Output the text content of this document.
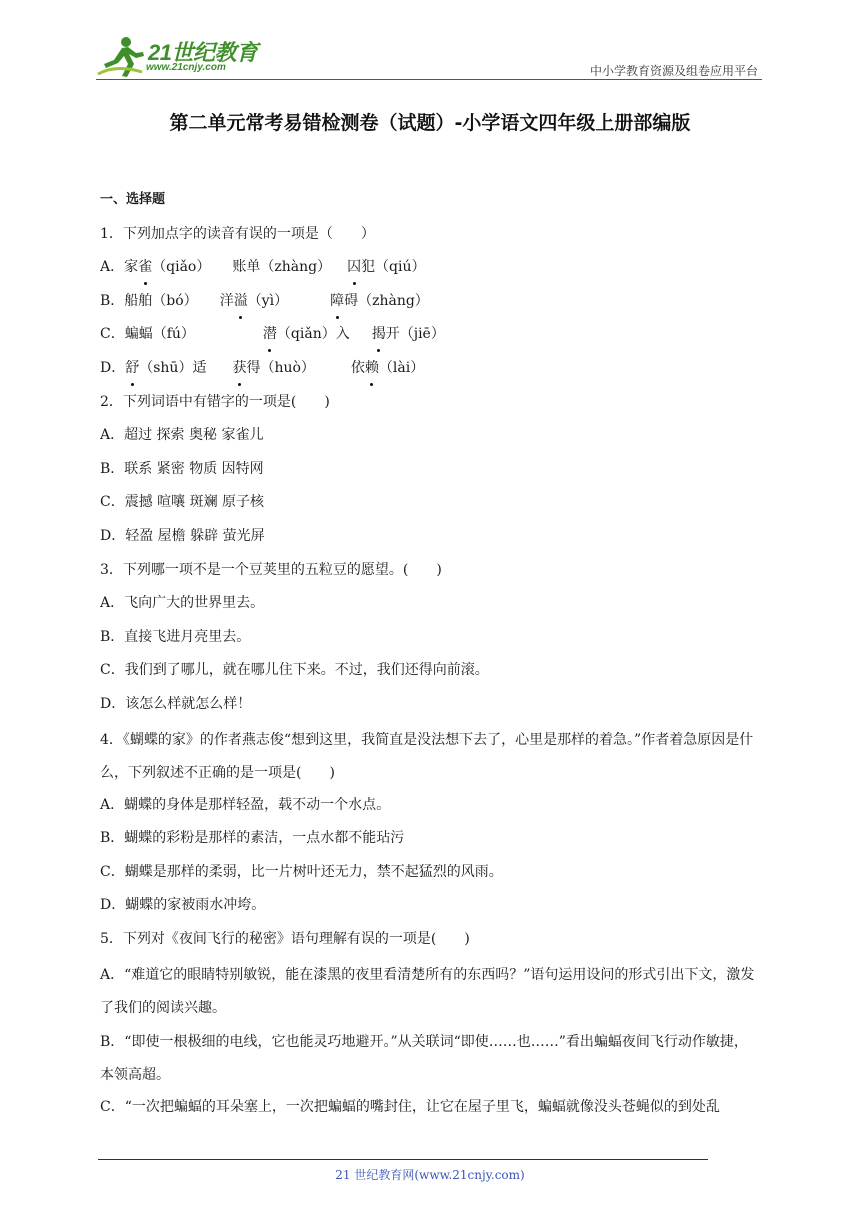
21世纪教育
www.21cnjy.com	中小学教育资源及组卷应用平台
第二单元常考易错检测卷（试题）-小学语文四年级上册部编版
一、选择题
1．下列加点字的读音有误的一项是（　　）
A．家雀（qiǎo） 账单（zhàng） 囚犯（qiú）
B．船舶（bó） 洋溢（yì）	障碍（zhàng）
C．蝙蝠（fú）	潜（qiǎn）入 揭开（jiē）
D．舒（shū）适 获得（huò）	依赖（lài）
2．下列词语中有错字的一项是(　　)
A．超过 探索 奥秘 家雀儿
B．联系 紧密 物质 因特网
C．震撼 喧嚷 斑斓 原子核
D．轻盈 屋檐 躲辟 萤光屏
3．下列哪一项不是一个豆荚里的五粒豆的愿望。(　　)
A．飞向广大的世界里去。
B．直接飞进月亮里去。
C．我们到了哪儿，就在哪儿住下来。不过，我们还得向前滚。
D．该怎么样就怎么样！
4．《蝴蝶的家》的作者燕志俊“想到这里，我简直是没法想下去了，心里是那样的着急。”作者着急原因是什么，下列叙述不正确的是一项是(　　)
A．蝴蝶的身体是那样轻盈，载不动一个水点。
B．蝴蝶的彩粉是那样的素洁，一点水都不能玷污
C．蝴蝶是那样的柔弱，比一片树叶还无力，禁不起猛烈的风雨。
D．蝴蝶的家被雨水冲垮。
5．下列对《夜间飞行的秘密》语句理解有误的一项是(　　)
A．“难道它的眼睛特别敏锐，能在漆黑的夜里看清楚所有的东西吗？”语句运用设问的形式引出下文，激发了我们的阅读兴趣。
B．“即使一根极细的电线，它也能灵巧地避开。”从关联词“即使……也……”看出蝙蝠夜间飞行动作敏捷，本领高超。
C．“一次把蝙蝠的耳朵塞上，一次把蝙蝠的嘴封住，让它在屋子里飞，蝙蝠就像没头苍蝇似的到处乱
21 世纪教育网(www.21cnjy.com)
